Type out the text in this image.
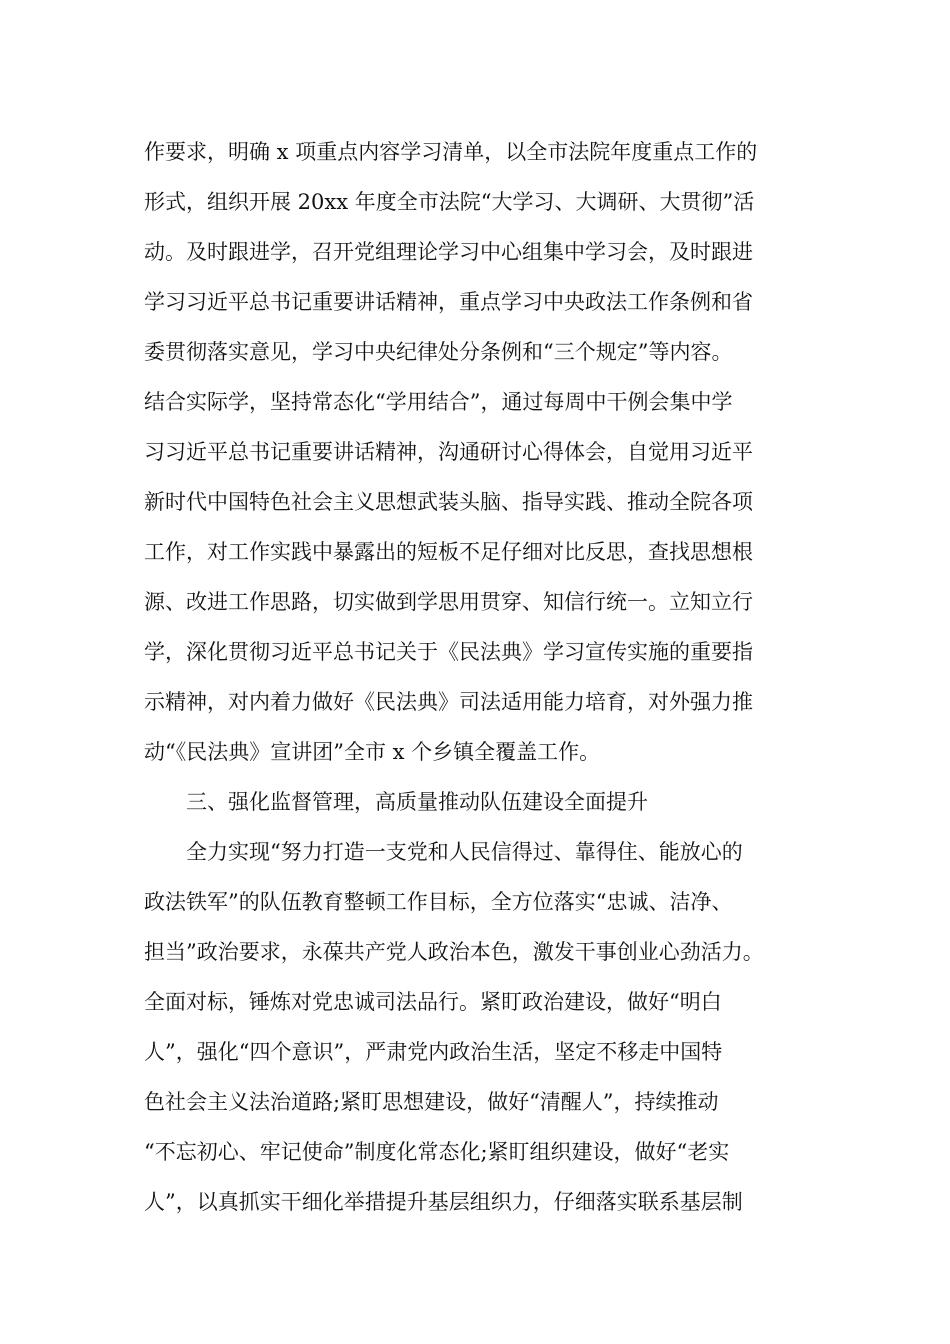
作要求，明确 x 项重点内容学习清单，以全市法院年度重点工作的
形式，组织开展 20xx 年度全市法院“大学习、大调研、大贯彻”活
动。及时跟进学，召开党组理论学习中心组集中学习会，及时跟进
学习习近平总书记重要讲话精神，重点学习中央政法工作条例和省
委贯彻落实意见，学习中央纪律处分条例和“三个规定”等内容。
结合实际学，坚持常态化“学用结合”，通过每周中干例会集中学
习习近平总书记重要讲话精神，沟通研讨心得体会，自觉用习近平
新时代中国特色社会主义思想武装头脑、指导实践、推动全院各项
工作，对工作实践中暴露出的短板不足仔细对比反思，查找思想根
源、改进工作思路，切实做到学思用贯穿、知信行统一。立知立行
学，深化贯彻习近平总书记关于《民法典》学习宣传实施的重要指
示精神，对内着力做好《民法典》司法适用能力培育，对外强力推
动“《民法典》宣讲团”全市 x 个乡镇全覆盖工作。
三、强化监督管理，高质量推动队伍建设全面提升
全力实现“努力打造一支党和人民信得过、靠得住、能放心的
政法铁军”的队伍教育整顿工作目标，全方位落实“忠诚、洁净、
担当”政治要求，永葆共产党人政治本色，激发干事创业心劲活力。
全面对标，锤炼对党忠诚司法品行。紧盯政治建设，做好“明白
人”，强化“四个意识”，严肃党内政治生活，坚定不移走中国特
色社会主义法治道路;紧盯思想建设，做好“清醒人”，持续推动
“不忘初心、牢记使命”制度化常态化;紧盯组织建设，做好“老实
人”，以真抓实干细化举措提升基层组织力，仔细落实联系基层制
